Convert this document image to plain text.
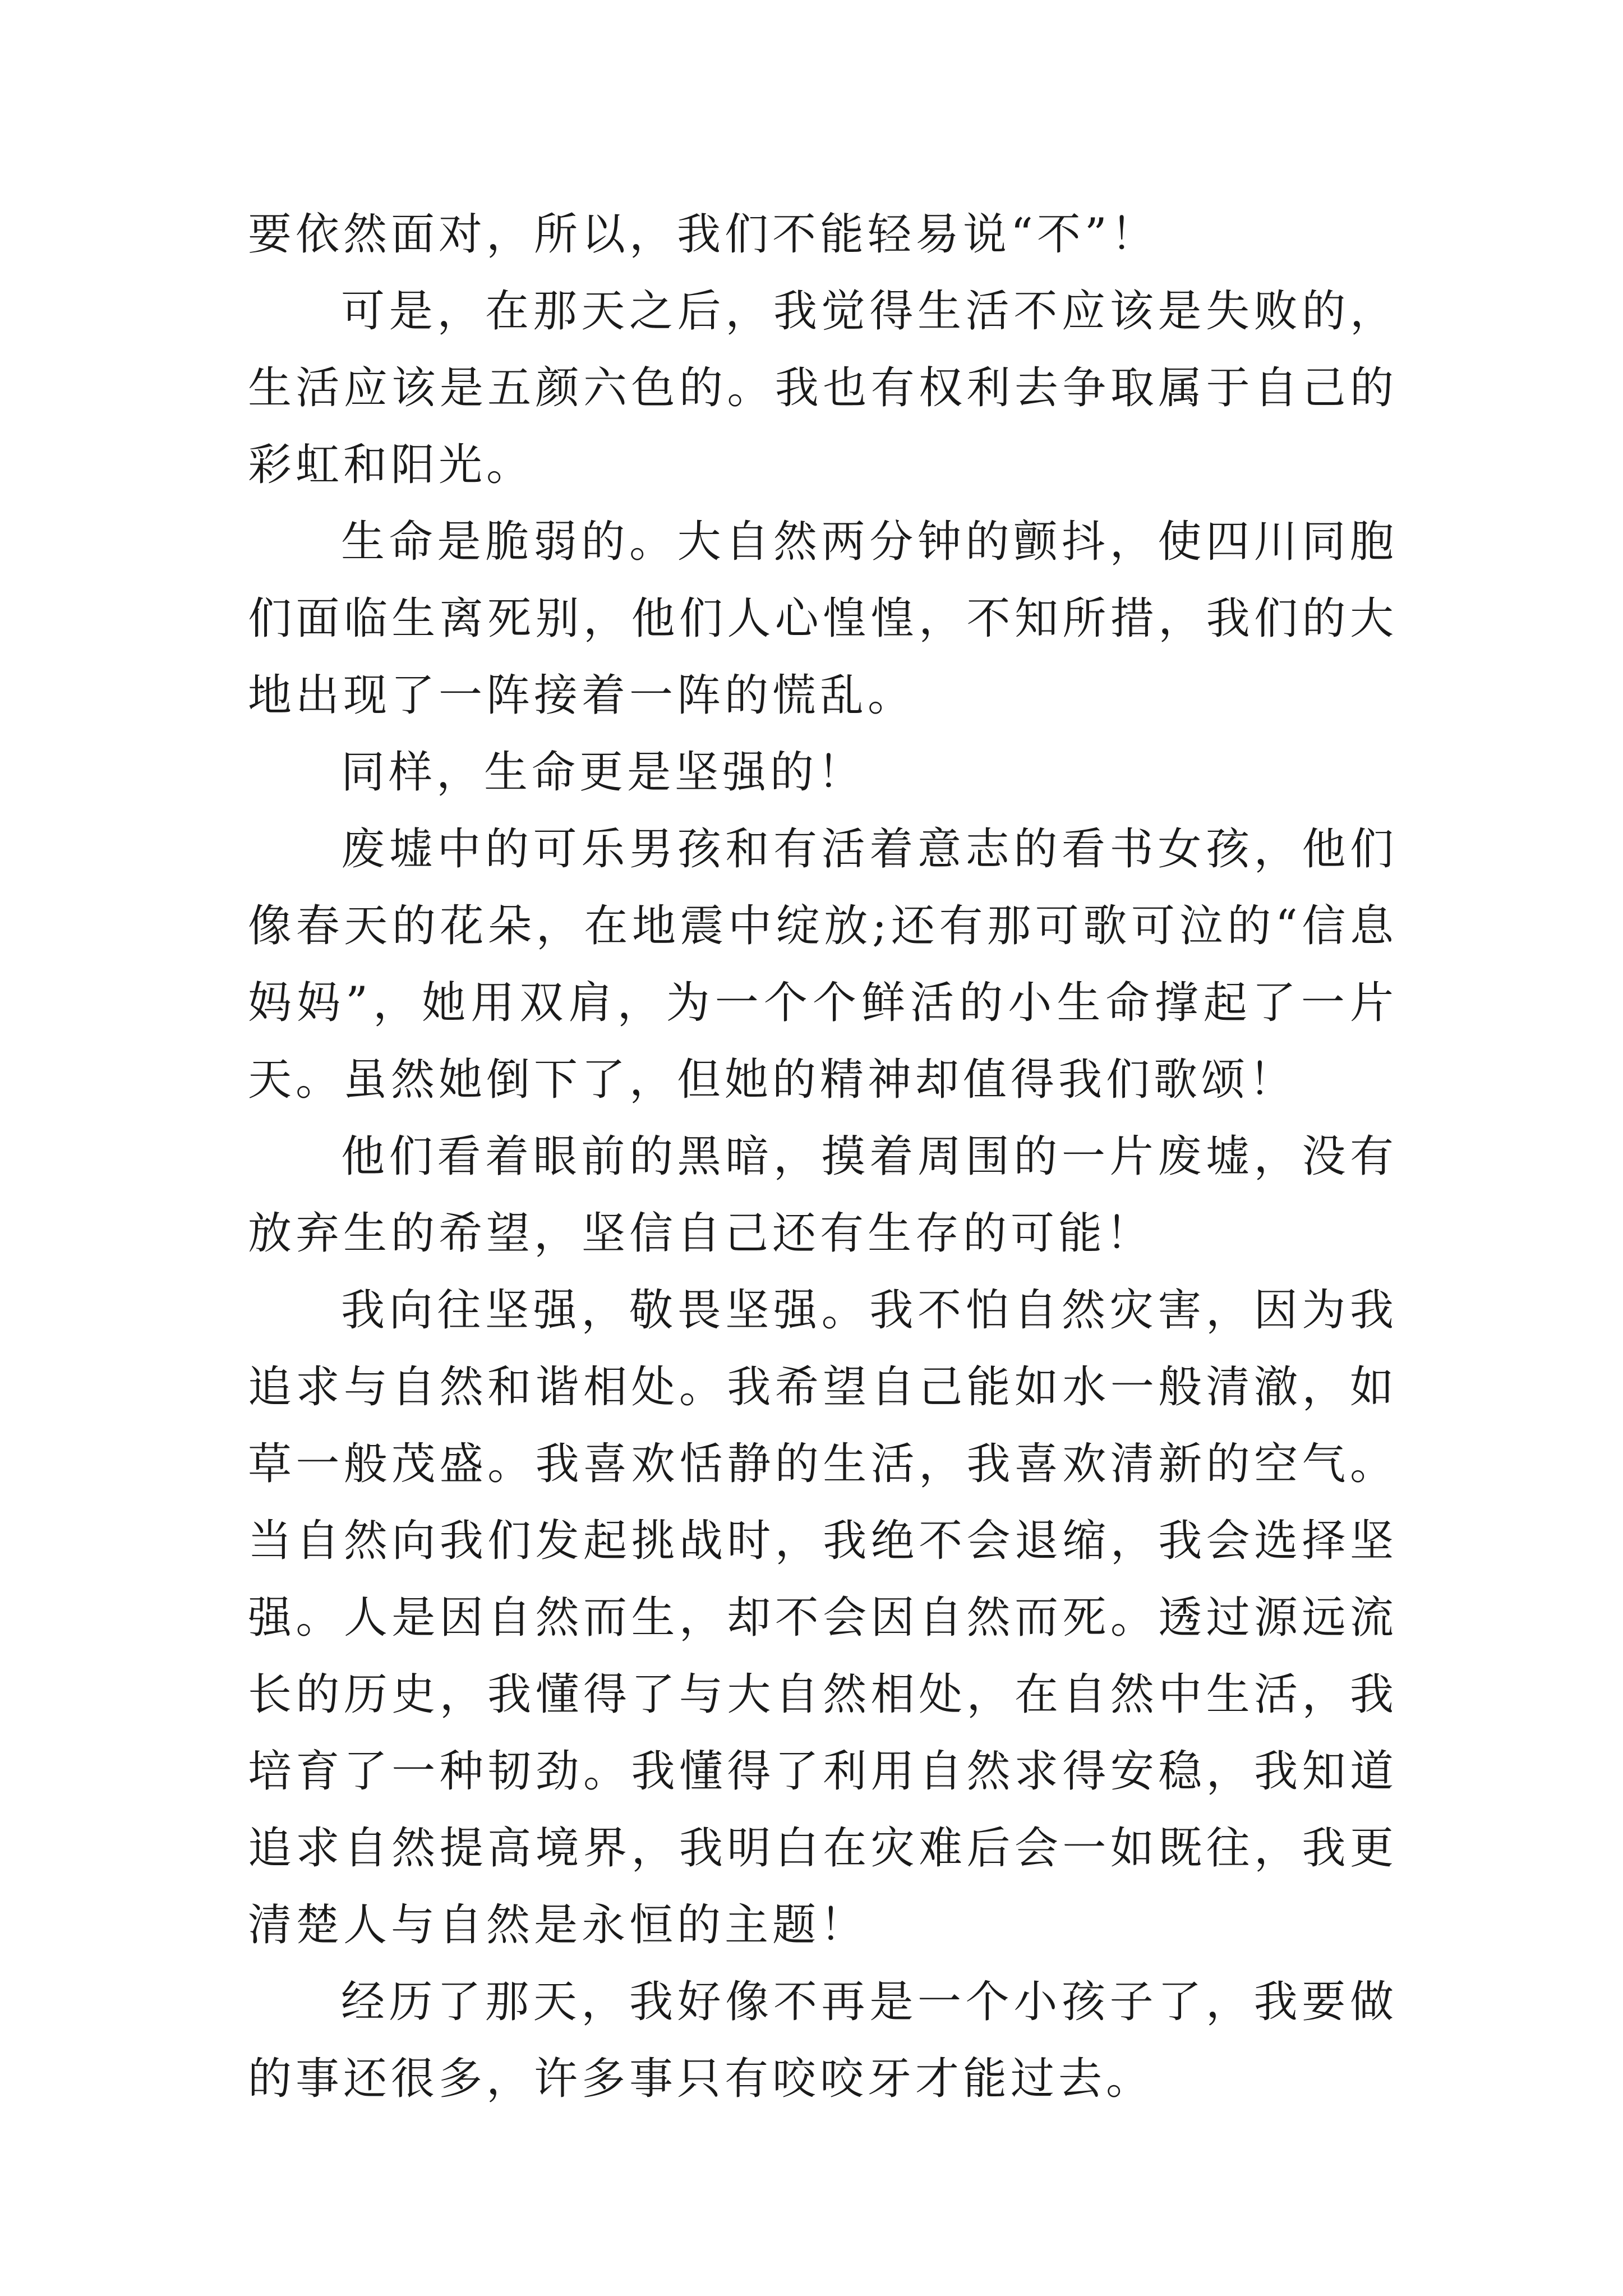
要依然面对，所以，我们不能轻易说“不”！

可是，在那天之后，我觉得生活不应该是失败的，生活应该是五颜六色的。我也有权利去争取属于自己的彩虹和阳光。

生命是脆弱的。大自然两分钟的颤抖，使四川同胞们面临生离死别，他们人心惶惶，不知所措，我们的大地出现了一阵接着一阵的慌乱。

同样，生命更是坚强的！

废墟中的可乐男孩和有活着意志的看书女孩，他们像春天的花朵，在地震中绽放;还有那可歌可泣的“信息妈妈”，她用双肩，为一个个鲜活的小生命撑起了一片天。虽然她倒下了，但她的精神却值得我们歌颂！

他们看着眼前的黑暗，摸着周围的一片废墟，没有放弃生的希望，坚信自己还有生存的可能！

我向往坚强，敬畏坚强。我不怕自然灾害，因为我追求与自然和谐相处。我希望自己能如水一般清澈，如草一般茂盛。我喜欢恬静的生活，我喜欢清新的空气。当自然向我们发起挑战时，我绝不会退缩，我会选择坚强。人是因自然而生，却不会因自然而死。透过源远流长的历史，我懂得了与大自然相处，在自然中生活，我培育了一种韧劲。我懂得了利用自然求得安稳，我知道追求自然提高境界，我明白在灾难后会一如既往，我更清楚人与自然是永恒的主题！

经历了那天，我好像不再是一个小孩子了，我要做的事还很多，许多事只有咬咬牙才能过去。
